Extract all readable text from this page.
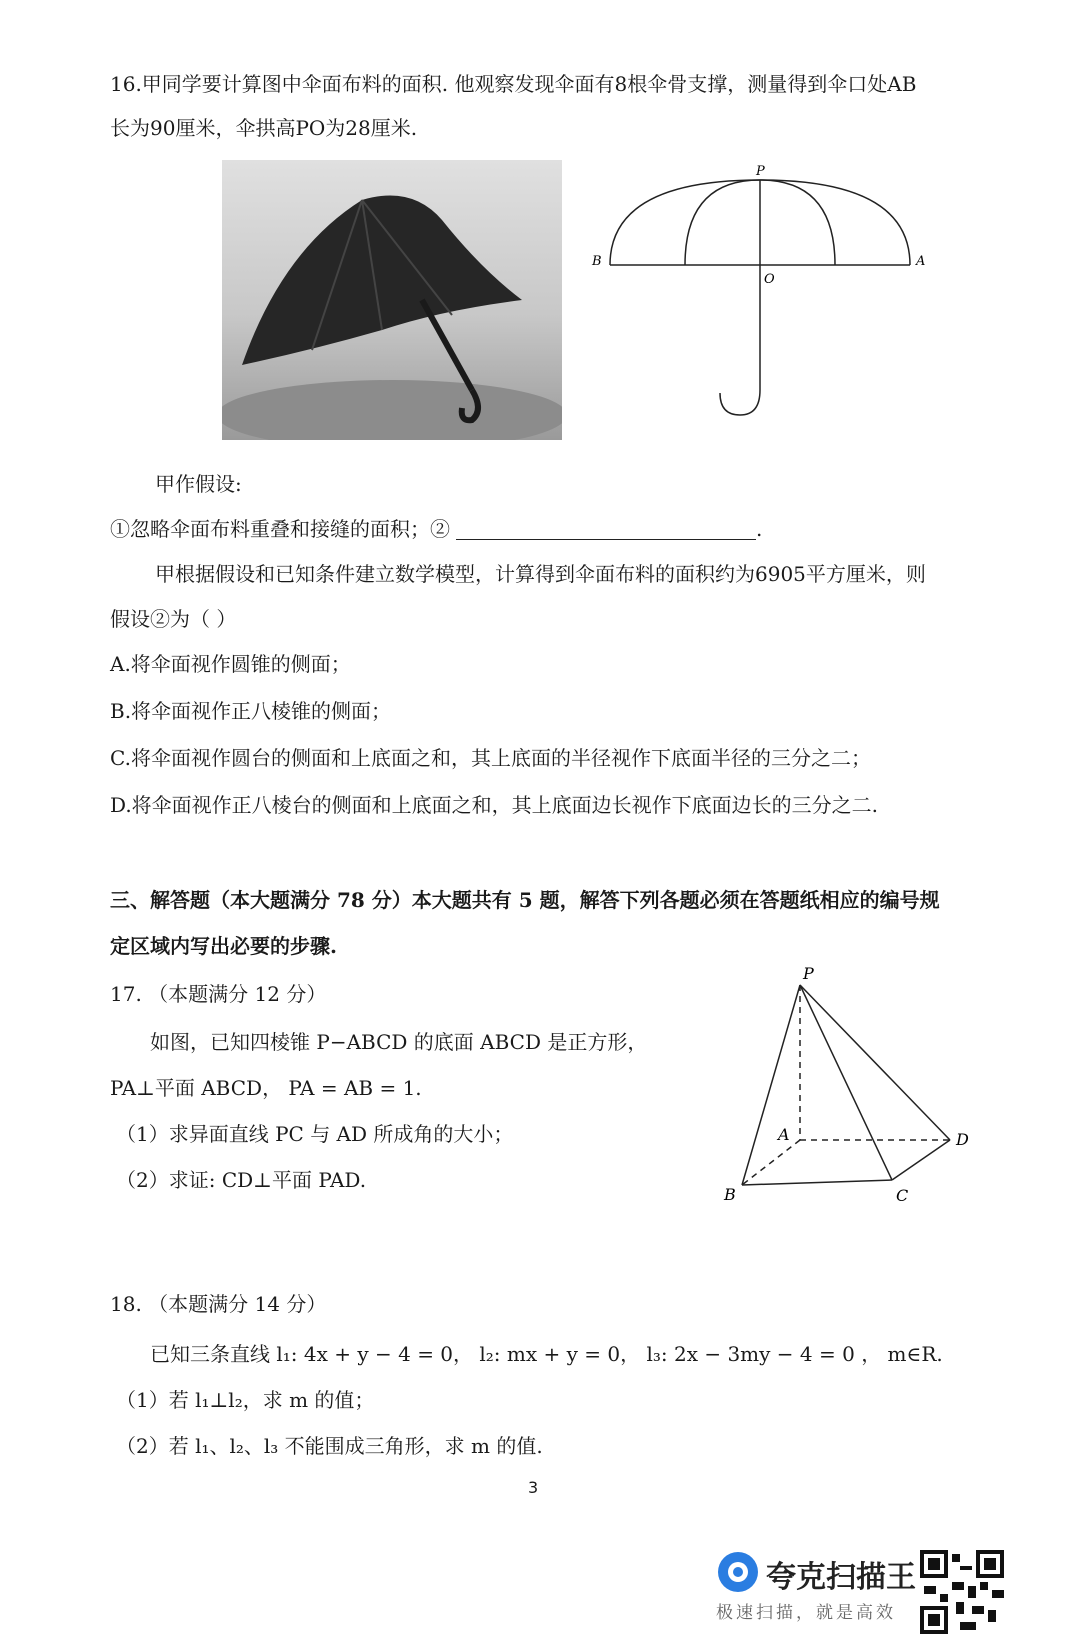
16.甲同学要计算图中伞面布料的面积. 他观察发现伞面有8根伞骨支撑，测量得到伞口处AB
长为90厘米，伞拱高PO为28厘米.
P
B	A
O
甲作假设:
①忽略伞面布料重叠和接缝的面积；②	.
甲根据假设和已知条件建立数学模型，计算得到伞面布料的面积约为6905平方厘米，则
假设②为（ ）
A.将伞面视作圆锥的侧面；
B.将伞面视作正八棱锥的侧面；
C.将伞面视作圆台的侧面和上底面之和，其上底面的半径视作下底面半径的三分之二；
D.将伞面视作正八棱台的侧面和上底面之和，其上底面边长视作下底面边长的三分之二.
三、解答题（本大题满分 78 分）本大题共有 5 题，解答下列各题必须在答题纸相应的编号规
定区域内写出必要的步骤.
17. （本题满分 12 分）
如图，已知四棱锥 P−ABCD 的底面 ABCD 是正方形，
PA⊥平面 ABCD， PA = AB = 1.
（1）求异面直线 PC 与 AD 所成角的大小；
（2）求证: CD⊥平面 PAD.
P
A	D
B	C
18. （本题满分 14 分）
已知三条直线 l₁: 4x + y − 4 = 0， l₂: mx + y = 0， l₃: 2x − 3my − 4 = 0 ， m∈R.
（1）若 l₁⊥l₂，求 m 的值；
（2）若 l₁、l₂、l₃ 不能围成三角形，求 m 的值.
3
夸克扫描王
极速扫描，就是高效
